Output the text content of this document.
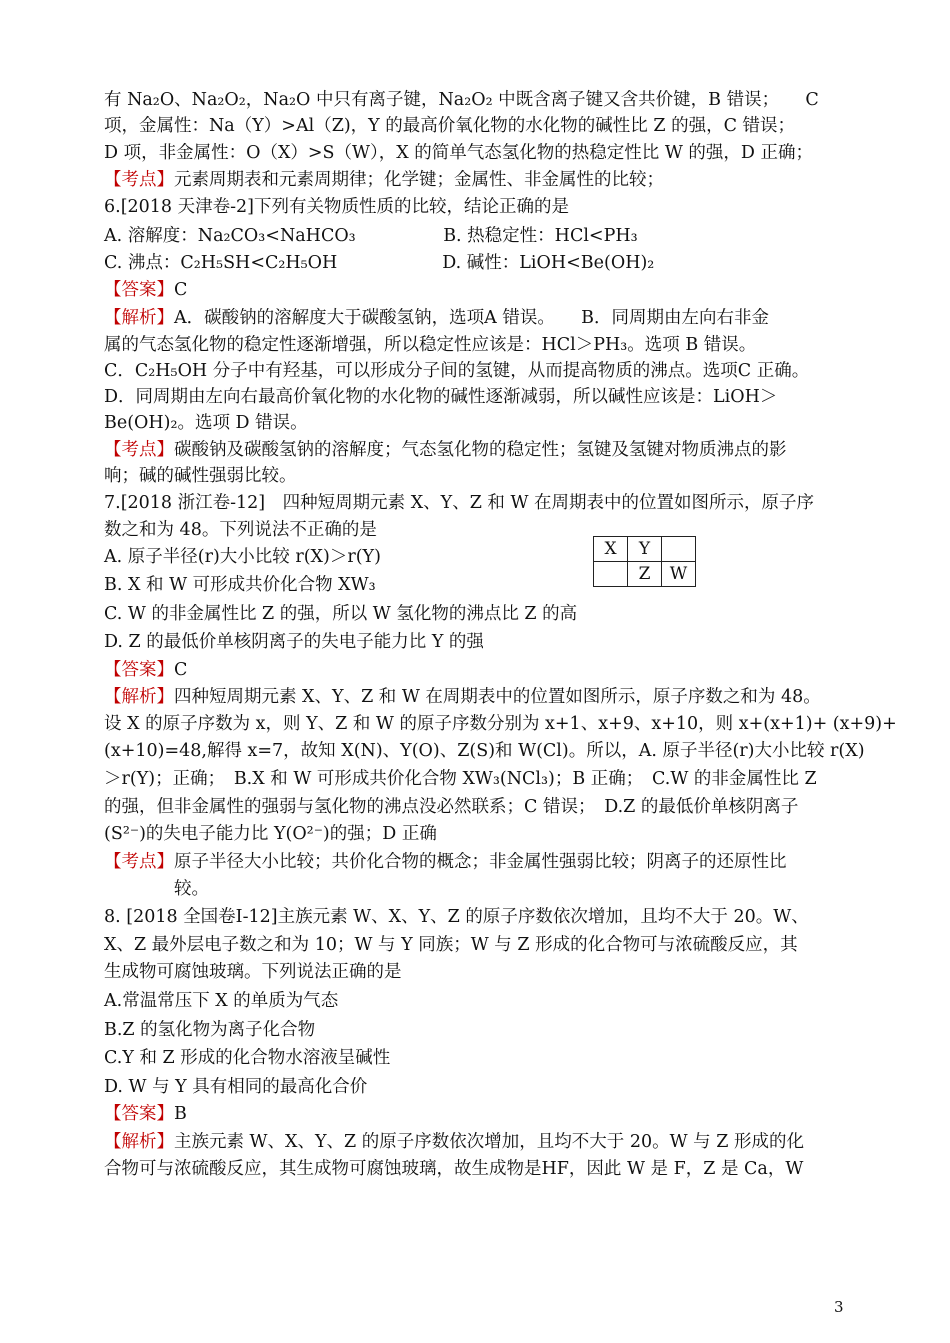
有 Na₂O、Na₂O₂，Na₂O 中只有离子键，Na₂O₂ 中既含离子键又含共价键，B 错误；　　C
项，金属性：Na（Y）>Al（Z)，Y 的最高价氧化物的水化物的碱性比 Z 的强，C 错误；
D 项，非金属性：O（X）>S（W），X 的简单气态氢化物的热稳定性比 W 的强，D 正确；
【考点】元素周期表和元素周期律；化学键；金属性、非金属性的比较；
6.[2018 天津卷-2]下列有关物质性质的比较，结论正确的是
A. 溶解度：Na₂CO₃<NaHCO₃　　　　　B. 热稳定性：HCl<PH₃
C. 沸点：C₂H₅SH<C₂H₅OH　　　　　　D. 碱性：LiOH<Be(OH)₂
【答案】C
【解析】A．碳酸钠的溶解度大于碳酸氢钠，选项A 错误。　　B．同周期由左向右非金
属的气态氢化物的稳定性逐渐增强，所以稳定性应该是：HCl＞PH₃。选项 B 错误。
C．C₂H₅OH 分子中有羟基，可以形成分子间的氢键，从而提高物质的沸点。选项C 正确。
D．同周期由左向右最高价氧化物的水化物的碱性逐渐减弱，所以碱性应该是：LiOH＞
Be(OH)₂。选项 D 错误。
【考点】碳酸钠及碳酸氢钠的溶解度；气态氢化物的稳定性；氢键及氢键对物质沸点的影
响；碱的碱性强弱比较。
7.[2018 浙江卷-12]　四种短周期元素 X、Y、Z 和 W 在周期表中的位置如图所示，原子序
数之和为 48。下列说法不正确的是
A. 原子半径(r)大小比较 r(X)＞r(Y)
B. X 和 W 可形成共价化合物 XW₃
C. W 的非金属性比 Z 的强，所以 W 氢化物的沸点比 Z 的高
D. Z 的最低价单核阴离子的失电子能力比 Y 的强
【答案】C
【解析】四种短周期元素 X、Y、Z 和 W 在周期表中的位置如图所示，原子序数之和为 48。
设 X 的原子序数为 x，则 Y、Z 和 W 的原子序数分别为 x+1、x+9、x+10，则 x+(x+1)+ (x+9)+
(x+10)=48,解得 x=7，故知 X(N)、Y(O)、Z(S)和 W(Cl)。所以，A. 原子半径(r)大小比较 r(X)
＞r(Y)；正确；　B.X 和 W 可形成共价化合物 XW₃(NCl₃)；B 正确；　C.W 的非金属性比 Z
的强，但非金属性的强弱与氢化物的沸点没必然联系；C 错误；　D.Z 的最低价单核阴离子
(S²⁻)的失电子能力比 Y(O²⁻)的强；D 正确
【考点】原子半径大小比较；共价化合物的概念；非金属性强弱比较；阴离子的还原性比
　　　　较。
8. [2018 全国卷Ⅰ-12]主族元素 W、X、Y、Z 的原子序数依次增加，且均不大于 20。W、
X、Z 最外层电子数之和为 10；W 与 Y 同族；W 与 Z 形成的化合物可与浓硫酸反应，其
生成物可腐蚀玻璃。下列说法正确的是
A.常温常压下 X 的单质为气态
B.Z 的氢化物为离子化合物
C.Y 和 Z 形成的化合物水溶液呈碱性
D. W 与 Y 具有相同的最高化合价
【答案】B
【解析】主族元素 W、X、Y、Z 的原子序数依次增加，且均不大于 20。W 与 Z 形成的化
合物可与浓硫酸反应，其生成物可腐蚀玻璃，故生成物是HF，因此 W 是 F，Z 是 Ca，W
X	Y	
	Z	W
3
